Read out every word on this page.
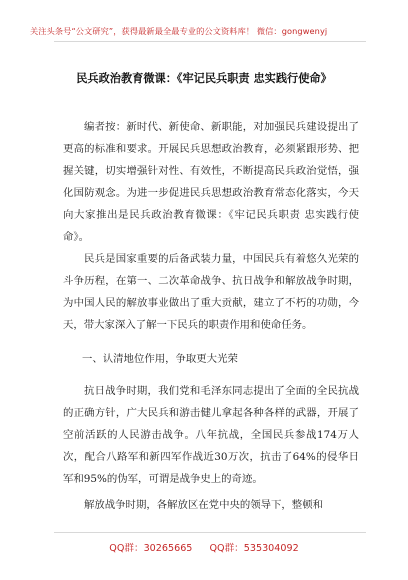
关注头条号“公文研究”，获得最新最全最专业的公文资料库！ 微信：gongwenyj
民兵政治教育微课：《牢记民兵职责 忠实践行使命》

编者按：新时代、新使命、新职能，对加强民兵建设提出了更高的标准和要求。开展民兵思想政治教育，必须紧跟形势、把握关键，切实增强针对性、有效性，不断提高民兵政治觉悟，强化国防观念。为进一步促进民兵思想政治教育常态化落实，今天向大家推出是民兵政治教育微课：《牢记民兵职责 忠实践行使命》。

民兵是国家重要的后备武装力量，中国民兵有着悠久光荣的斗争历程，在第一、二次革命战争、抗日战争和解放战争时期，为中国人民的解放事业做出了重大贡献，建立了不朽的功勋，今天，带大家深入了解一下民兵的职责作用和使命任务。

一、认清地位作用，争取更大光荣

抗日战争时期，我们党和毛泽东同志提出了全面的全民抗战的正确方针，广大民兵和游击健儿拿起各种各样的武器，开展了空前活跃的人民游击战争。八年抗战，全国民兵参战174万人次，配合八路军和新四军作战近30万次，抗击了64%的侵华日军和95%的伪军，可谓是战争史上的奇迹。

解放战争时期，各解放区在党中央的领导下，整顿和

QQ群：30265665 QQ群：535304092
